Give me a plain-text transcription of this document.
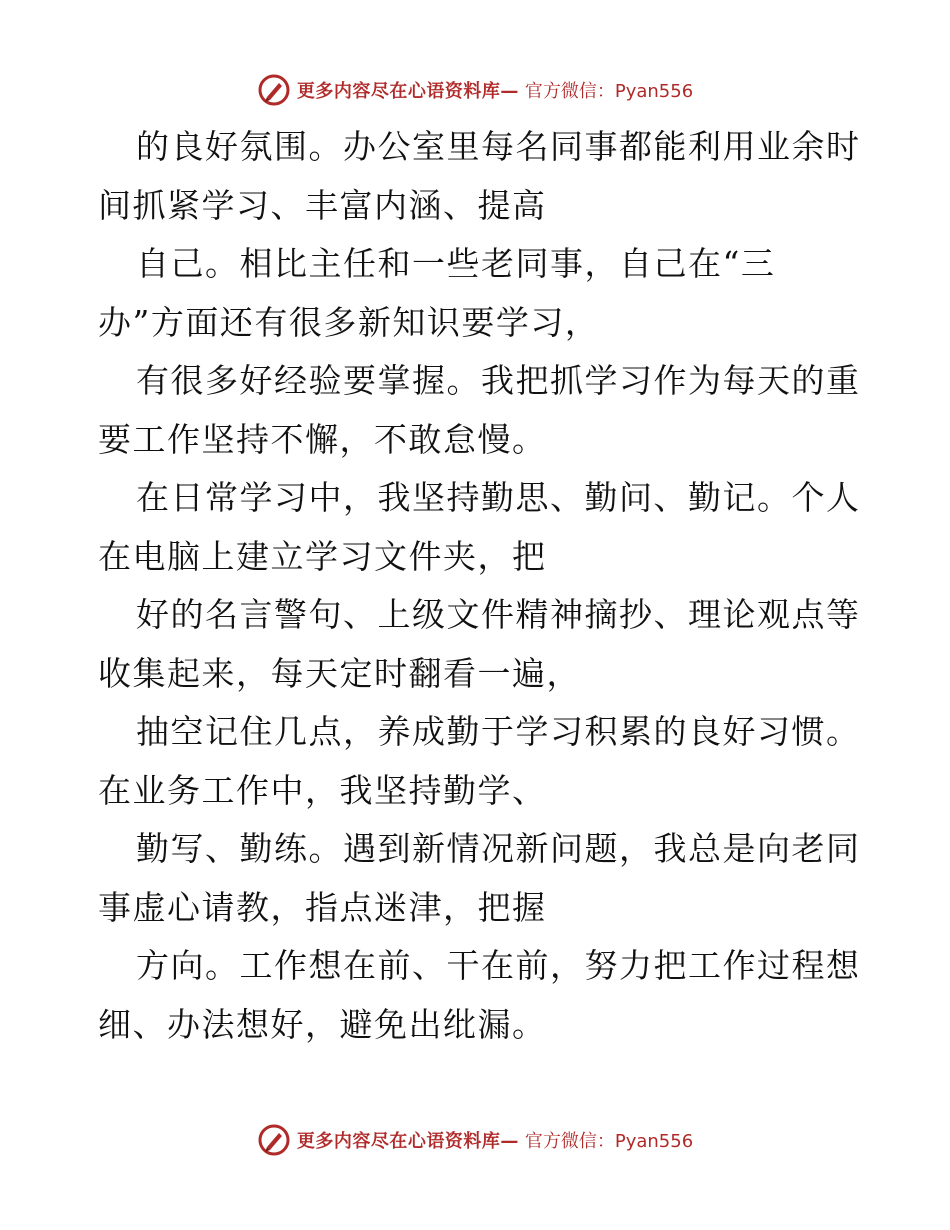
更多内容尽在心语资料库— 官方微信：Pyan556
的良好氛围。办公室里每名同事都能利用业余时
间抓紧学习、丰富内涵、提高
自己。相比主任和一些老同事，自己在“三
办”方面还有很多新知识要学习，
有很多好经验要掌握。我把抓学习作为每天的重
要工作坚持不懈，不敢怠慢。
在日常学习中，我坚持勤思、勤问、勤记。个人
在电脑上建立学习文件夹，把
好的名言警句、上级文件精神摘抄、理论观点等
收集起来，每天定时翻看一遍，
抽空记住几点，养成勤于学习积累的良好习惯。
在业务工作中，我坚持勤学、
勤写、勤练。遇到新情况新问题，我总是向老同
事虚心请教，指点迷津，把握
方向。工作想在前、干在前，努力把工作过程想
细、办法想好，避免出纰漏。
更多内容尽在心语资料库— 官方微信：Pyan556
